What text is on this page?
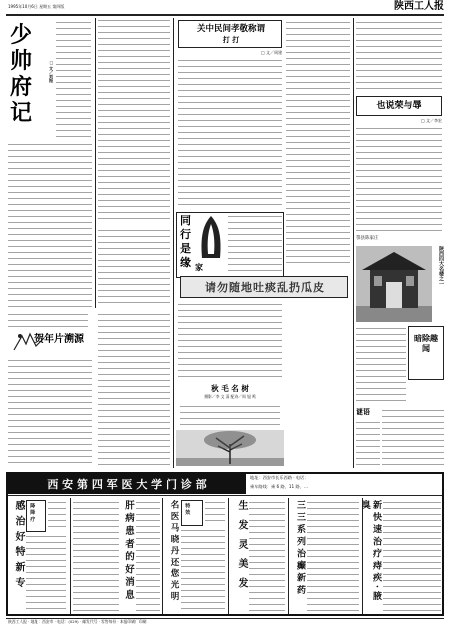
1995年10月6日 星期五 第四版	陕西工人报
少
帅
府
记
□ 文／刘振
贺年片溯源
关中民间孝敬称谓
打 打
□ 文／周建
同
行
是
缘 家
请勿随地吐痰乱扔瓜皮
秋 毛 名 树
摄影／李 文 清 配诗／周 旭 鸣
也说荣与辱
□ 文／李宏
鄠县陈家庄
陕西四大名楼之一
暗除趣闻
谜语
西 安 第 四 军 医 大 学 门 诊 部
地址：西安市长乐西路 · 电话：
乘车路线：乘 6 路、11 路、…
感 治 好 特 新 专	降 降 疗	肝 病 患 者 的 好 消 息	名 医 马 晓 丹 还 您 光 明	特 效	生 发 灵 美 发	三 三 系 列 治 癫 新 药	新 快 速 治 疗 痔 疾 · 腋 臭
陕西工人报 · 地址：西安市 · 电话：(029) · 邮发代号 · 零售每份 · 本报印刷厂印刷
